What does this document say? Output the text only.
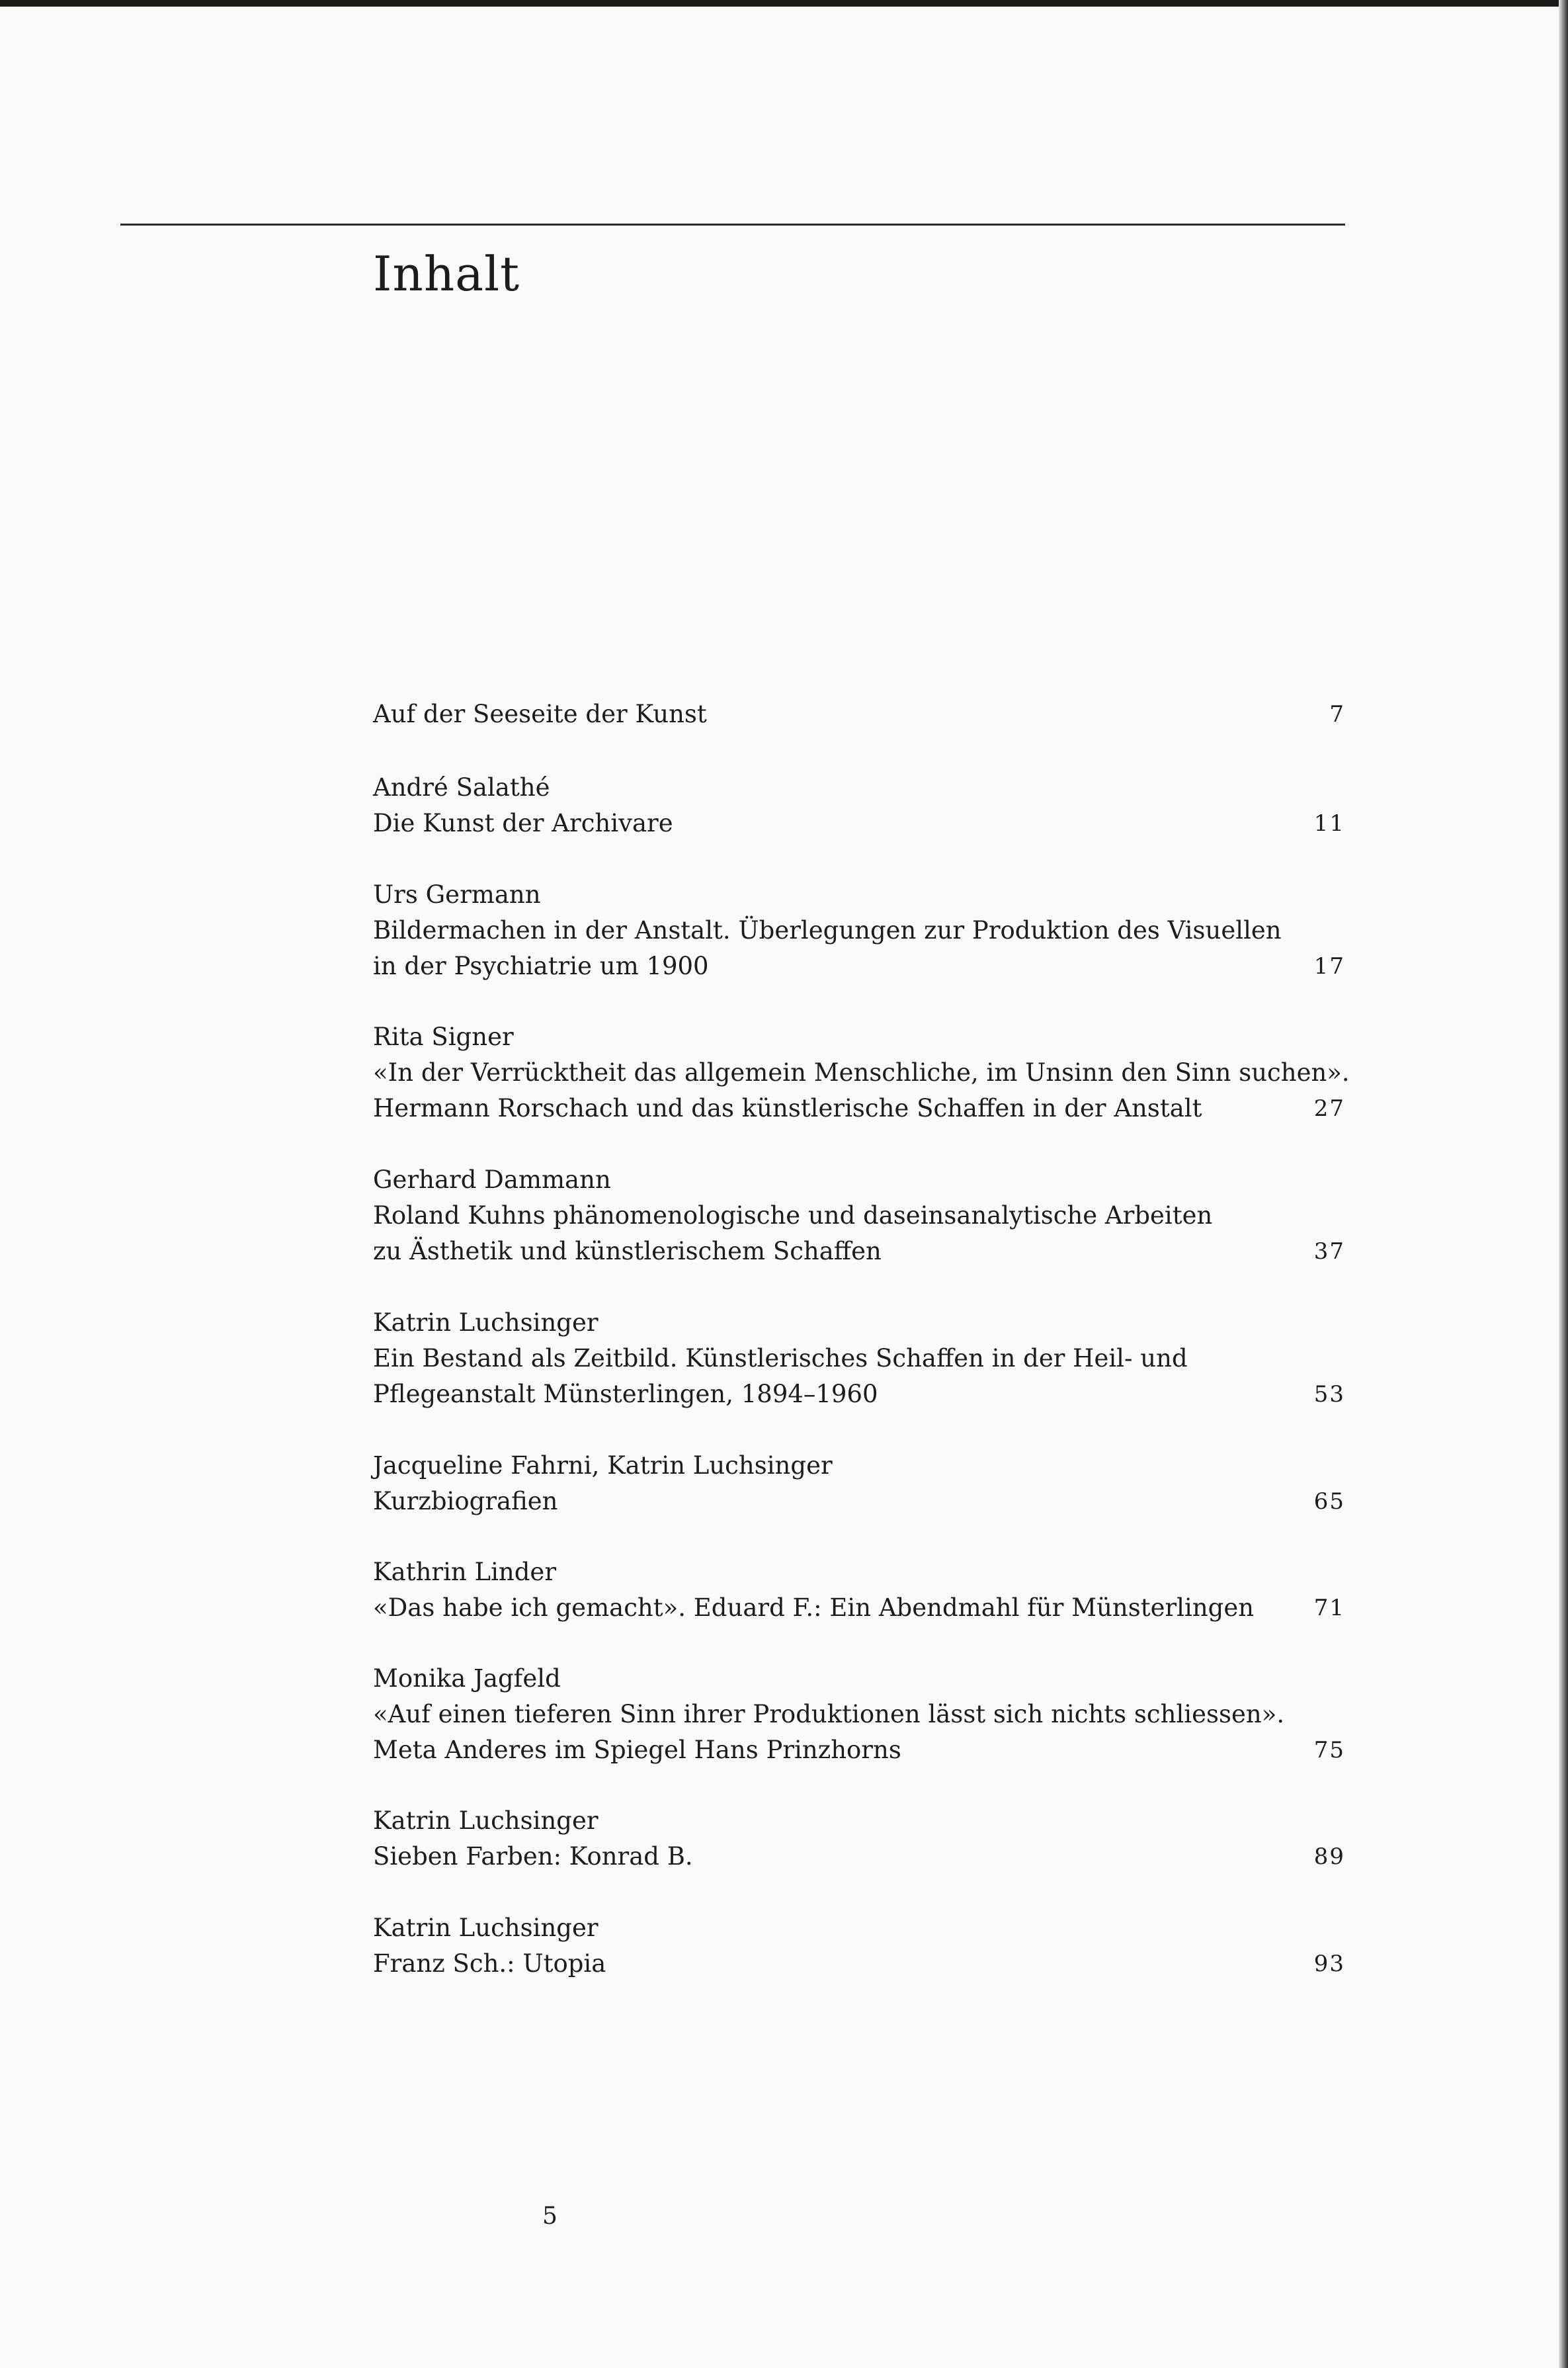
Inhalt
Auf der Seeseite der Kunst	7
André Salathé
Die Kunst der Archivare	11
Urs Germann
Bildermachen in der Anstalt. Überlegungen zur Produktion des Visuellen
in der Psychiatrie um 1900	17
Rita Signer
«In der Verrücktheit das allgemein Menschliche, im Unsinn den Sinn suchen».
Hermann Rorschach und das künstlerische Schaffen in der Anstalt	27
Gerhard Dammann
Roland Kuhns phänomenologische und daseinsanalytische Arbeiten
zu Ästhetik und künstlerischem Schaffen	37
Katrin Luchsinger
Ein Bestand als Zeitbild. Künstlerisches Schaffen in der Heil- und
Pflegeanstalt Münsterlingen, 1894–1960	53
Jacqueline Fahrni, Katrin Luchsinger
Kurzbiografien	65
Kathrin Linder
«Das habe ich gemacht». Eduard F.: Ein Abendmahl für Münsterlingen	71
Monika Jagfeld
«Auf einen tieferen Sinn ihrer Produktionen lässt sich nichts schliessen».
Meta Anderes im Spiegel Hans Prinzhorns	75
Katrin Luchsinger
Sieben Farben: Konrad B.	89
Katrin Luchsinger
Franz Sch.: Utopia	93
5
